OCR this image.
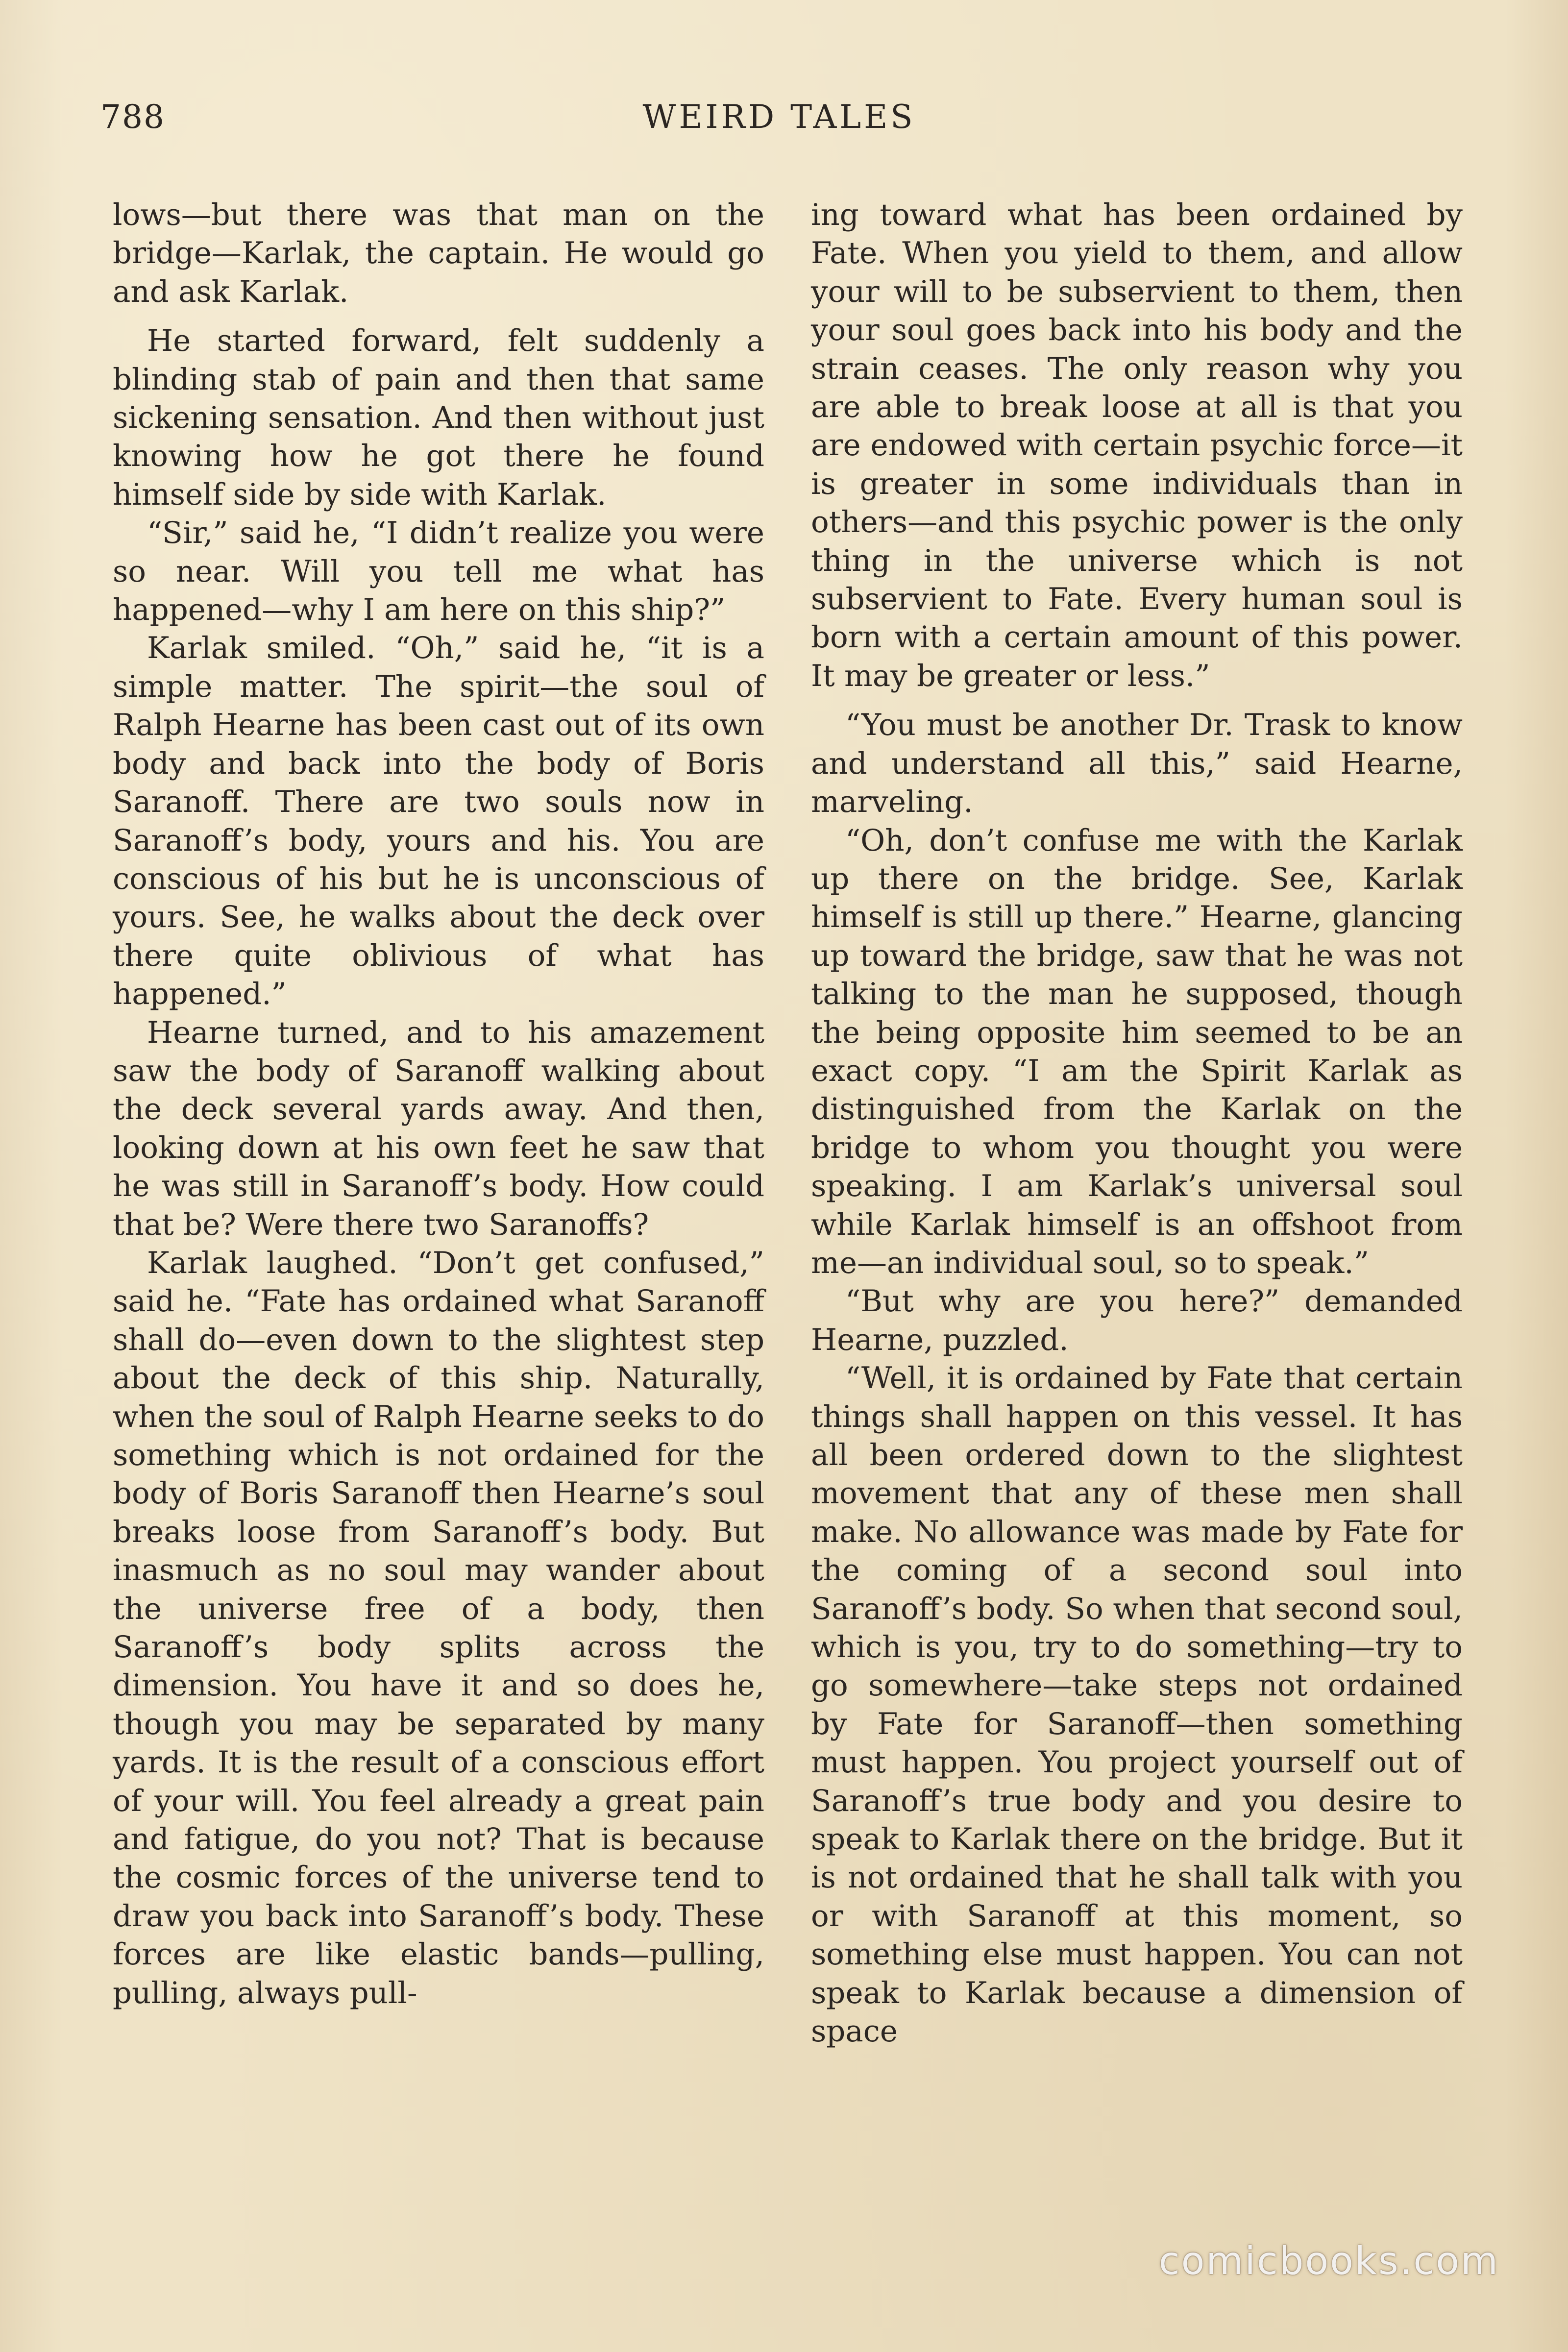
788	WEIRD TALES

lows—but there was that man on the bridge—Karlak, the captain. He would go and ask Karlak.

He started forward, felt suddenly a blinding stab of pain and then that same sickening sensation. And then without just knowing how he got there he found himself side by side with Karlak.

“Sir,” said he, “I didn’t realize you were so near. Will you tell me what has happened—why I am here on this ship?”

Karlak smiled. “Oh,” said he, “it is a simple matter. The spirit—the soul of Ralph Hearne has been cast out of its own body and back into the body of Boris Saranoff. There are two souls now in Saranoff’s body, yours and his. You are conscious of his but he is unconscious of yours. See, he walks about the deck over there quite oblivious of what has happened.”

Hearne turned, and to his amazement saw the body of Saranoff walking about the deck several yards away. And then, looking down at his own feet he saw that he was still in Saranoff’s body. How could that be? Were there two Saranoffs?

Karlak laughed. “Don’t get confused,” said he. “Fate has ordained what Saranoff shall do—even down to the slightest step about the deck of this ship. Naturally, when the soul of Ralph Hearne seeks to do something which is not ordained for the body of Boris Saranoff then Hearne’s soul breaks loose from Saranoff’s body. But inasmuch as no soul may wander about the universe free of a body, then Saranoff’s body splits across the dimension. You have it and so does he, though you may be separated by many yards. It is the result of a conscious effort of your will. You feel already a great pain and fatigue, do you not? That is because the cosmic forces of the universe tend to draw you back into Saranoff’s body. These forces are like elastic bands—pulling, pulling, always pull-

ing toward what has been ordained by Fate. When you yield to them, and allow your will to be subservient to them, then your soul goes back into his body and the strain ceases. The only reason why you are able to break loose at all is that you are endowed with certain psychic force—it is greater in some individuals than in others—and this psychic power is the only thing in the universe which is not subservient to Fate. Every human soul is born with a certain amount of this power. It may be greater or less.”

“You must be another Dr. Trask to know and understand all this,” said Hearne, marveling.

“Oh, don’t confuse me with the Karlak up there on the bridge. See, Karlak himself is still up there.” Hearne, glancing up toward the bridge, saw that he was not talking to the man he supposed, though the being opposite him seemed to be an exact copy. “I am the Spirit Karlak as distinguished from the Karlak on the bridge to whom you thought you were speaking. I am Karlak’s universal soul while Karlak himself is an offshoot from me—an individual soul, so to speak.”

“But why are you here?” demanded Hearne, puzzled.

“Well, it is ordained by Fate that certain things shall happen on this vessel. It has all been ordered down to the slightest movement that any of these men shall make. No allowance was made by Fate for the coming of a second soul into Saranoff’s body. So when that second soul, which is you, try to do something—try to go somewhere—take steps not ordained by Fate for Saranoff—then something must happen. You project yourself out of Saranoff’s true body and you desire to speak to Karlak there on the bridge. But it is not ordained that he shall talk with you or with Saranoff at this moment, so something else must happen. You can not speak to Karlak because a dimension of space

comicbooks.com
